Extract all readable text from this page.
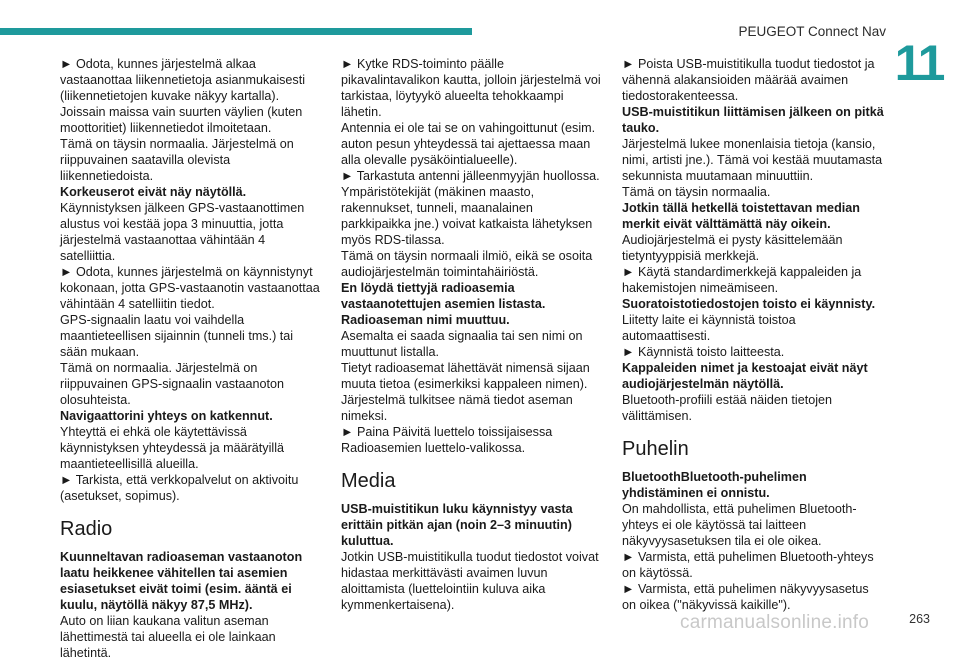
PEUGEOT Connect Nav
11

► Odota, kunnes järjestelmä alkaa vastaanottaa liikennetietoja asianmukaisesti (liikennetietojen kuvake näkyy kartalla).

Joissain maissa vain suurten väylien (kuten moottoritiet) liikennetiedot ilmoitetaan.

Tämä on täysin normaalia. Järjestelmä on riippuvainen saatavilla olevista liikennetiedoista.

Korkeuserot eivät näy näytöllä.

Käynnistyksen jälkeen GPS-vastaanottimen alustus voi kestää jopa 3 minuuttia, jotta järjestelmä vastaanottaa vähintään 4 satelliittia.

► Odota, kunnes järjestelmä on käynnistynyt kokonaan, jotta GPS-vastaanotin vastaanottaa vähintään 4 satelliitin tiedot.

GPS-signaalin laatu voi vaihdella maantieteellisen sijainnin (tunneli tms.) tai sään mukaan.

Tämä on normaalia. Järjestelmä on riippuvainen GPS-signaalin vastaanoton olosuhteista.

Navigaattorini yhteys on katkennut.

Yhteyttä ei ehkä ole käytettävissä käynnistyksen yhteydessä ja määrätyillä maantieteellisillä alueilla.

► Tarkista, että verkkopalvelut on aktivoitu (asetukset, sopimus).

Radio

Kuunneltavan radioaseman vastaanoton laatu heikkenee vähitellen tai asemien esiasetukset eivät toimi (esim. ääntä ei kuulu, näytöllä näkyy 87,5 MHz).

Auto on liian kaukana valitun aseman lähettimestä tai alueella ei ole lainkaan lähetintä.

► Kytke RDS-toiminto päälle pikavalintavalikon kautta, jolloin järjestelmä voi tarkistaa, löytyykö alueelta tehokkaampi lähetin.

Antennia ei ole tai se on vahingoittunut (esim. auton pesun yhteydessä tai ajettaessa maan alla olevalle pysäköintialueelle).

► Tarkastuta antenni jälleenmyyjän huollossa.

Ympäristötekijät (mäkinen maasto, rakennukset, tunneli, maanalainen parkkipaikka jne.) voivat katkaista lähetyksen myös RDS-tilassa.

Tämä on täysin normaali ilmiö, eikä se osoita audiojärjestelmän toimintahäiriöstä.

En löydä tiettyjä radioasemia vastaanotettujen asemien listasta.

Radioaseman nimi muuttuu.

Asemalta ei saada signaalia tai sen nimi on muuttunut listalla.

Tietyt radioasemat lähettävät nimensä sijaan muuta tietoa (esimerkiksi kappaleen nimen).

Järjestelmä tulkitsee nämä tiedot aseman nimeksi.

► Paina Päivitä luettelo toissijaisessa Radioasemien luettelo-valikossa.

Media

USB-muistitikun luku käynnistyy vasta erittäin pitkän ajan (noin 2–3 minuutin) kuluttua.

Jotkin USB-muistitikulla tuodut tiedostot voivat hidastaa merkittävästi avaimen luvun aloittamista (luettelointiin kuluva aika kymmenkertaisena).

► Poista USB-muistitikulla tuodut tiedostot ja vähennä alakansioiden määrää avaimen tiedostorakenteessa.

USB-muistitikun liittämisen jälkeen on pitkä tauko.

Järjestelmä lukee monenlaisia tietoja (kansio, nimi, artisti jne.). Tämä voi kestää muutamasta sekunnista muutamaan minuuttiin.

Tämä on täysin normaalia.

Jotkin tällä hetkellä toistettavan median merkit eivät välttämättä näy oikein.

Audiojärjestelmä ei pysty käsittelemään tietyntyyppisiä merkkejä.

► Käytä standardimerkkejä kappaleiden ja hakemistojen nimeämiseen.

Suoratoistotiedostojen toisto ei käynnisty.

Liitetty laite ei käynnistä toistoa automaattisesti.

► Käynnistä toisto laitteesta.

Kappaleiden nimet ja kestoajat eivät näyt audiojärjestelmän näytöllä.

Bluetooth-profiili estää näiden tietojen välittämisen.

Puhelin

BluetoothBluetooth-puhelimen yhdistäminen ei onnistu.

On mahdollista, että puhelimen Bluetooth-yhteys ei ole käytössä tai laitteen näkyvyysasetuksen tila ei ole oikea.

► Varmista, että puhelimen Bluetooth-yhteys on käytössä.

► Varmista, että puhelimen näkyvyysasetus on oikea ("näkyvissä kaikille").

carmanualsonline.info	263
